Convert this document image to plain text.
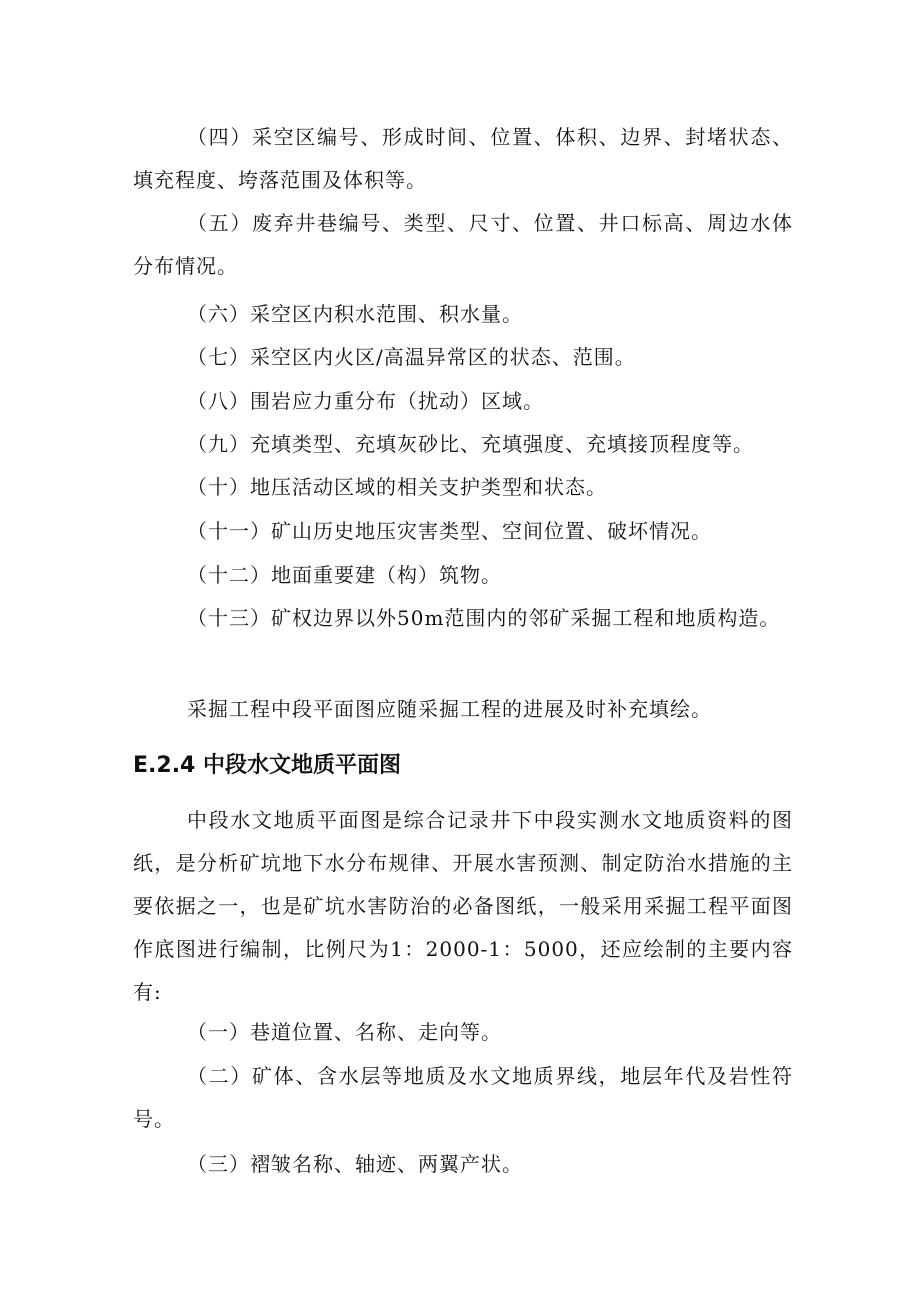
（四）采空区编号、形成时间、位置、体积、边界、封堵状态、填充程度、垮落范围及体积等。

（五）废弃井巷编号、类型、尺寸、位置、井口标高、周边水体分布情况。

（六）采空区内积水范围、积水量。

（七）采空区内火区/高温异常区的状态、范围。

（八）围岩应力重分布（扰动）区域。

（九）充填类型、充填灰砂比、充填强度、充填接顶程度等。

（十）地压活动区域的相关支护类型和状态。

（十一）矿山历史地压灾害类型、空间位置、破坏情况。

（十二）地面重要建（构）筑物。

（十三）矿权边界以外50m范围内的邻矿采掘工程和地质构造。

采掘工程中段平面图应随采掘工程的进展及时补充填绘。

E.2.4 中段水文地质平面图

中段水文地质平面图是综合记录井下中段实测水文地质资料的图纸，是分析矿坑地下水分布规律、开展水害预测、制定防治水措施的主要依据之一，也是矿坑水害防治的必备图纸，一般采用采掘工程平面图作底图进行编制，比例尺为1：2000-1：5000，还应绘制的主要内容有:

（一）巷道位置、名称、走向等。

（二）矿体、含水层等地质及水文地质界线，地层年代及岩性符号。

（三）褶皱名称、轴迹、两翼产状。
